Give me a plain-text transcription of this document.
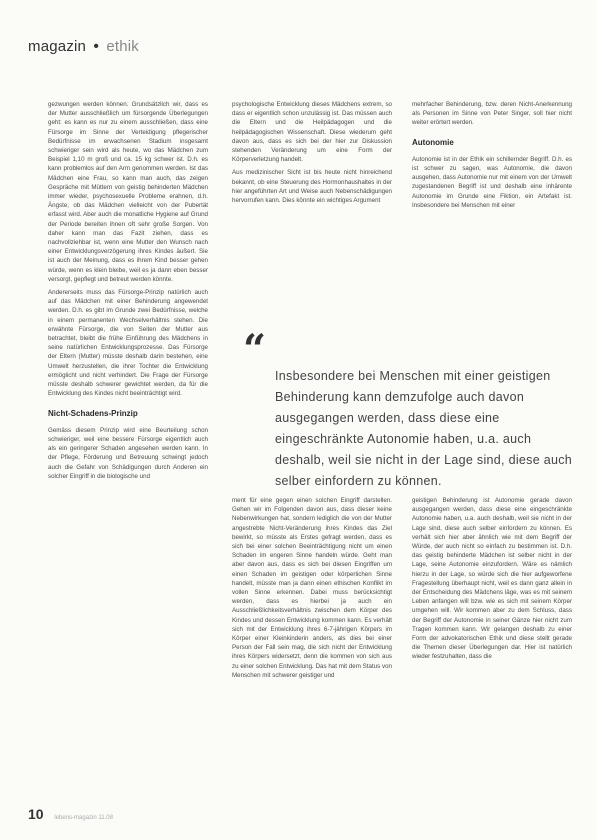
magazin • ethik

gezwungen werden können. Grundsätzlich wir, dass es der Mutter ausschließlich um fürsorgende Überlegungen geht: es kann es nur zu einem ausschließen, dass eine Fürsorge im Sinne der Verteidigung pflegerischer Bedürfnisse im erwachsenen Stadium insgesamt schwieriger sein wird als heute, wo das Mädchen zum Beispiel 1,10 m groß und ca. 15 kg schwer ist. D.h. es kann problemlos auf den Arm genommen werden. Ist das Mädchen eine Frau, so kann man auch, das zeigen Gespräche mit Müttern von geistig behinderten Mädchen immer wieder, psychosexuelle Probleme erahnen, d.h. Ängste, ob das Mädchen vielleicht von der Pubertät erfasst wird. Aber auch die monatliche Hygiene auf Grund der Periode bereiten ihnen oft sehr große Sorgen. Von daher kann man das Fazit ziehen, dass es nachvollziehbar ist, wenn eine Mutter den Wunsch nach einer Entwicklungsverzögerung ihres Kindes äußert. Sie ist auch der Meinung, dass es ihrem Kind besser gehen würde, wenn es klein bleibe, weil es ja dann eben besser versorgt, gepflegt und betreut werden könnte.

Andererseits muss das Fürsorge-Prinzip natürlich auch auf das Mädchen mit einer Behinderung angewendet werden. D.h. es gibt im Grunde zwei Bedürfnisse, welche in einem permanenten Wechselverhältnis stehen. Die erwähnte Fürsorge, die von Seiten der Mutter aus betrachtet, bleibt die frühe Einführung des Mädchens in seine natürlichen Entwicklungsprozesse. Das Fürsorge der Eltern (Mutter) müsste deshalb darin bestehen, eine Umwelt herzustellen, die ihrer Tochter die Entwicklung ermöglicht und nicht verhindert. Die Frage der Fürsorge müsste deshalb schwerer gewichtet werden, da für die Entwicklung des Kindes nicht beeinträchtigt wird.

Nicht-Schadens-Prinzip

Gemäss diesem Prinzip wird eine Beurteilung schon schwieriger, weil eine bessere Fürsorge eigentlich auch als ein geringerer Schaden angesehen werden kann. In der Pflege, Förderung und Betreuung schwingt jedoch auch die Gefahr von Schädigungen durch Anderen ein solcher Eingriff in die biologische und

psychologische Entwicklung dieses Mädchens extrem, so dass er eigentlich schon unzulässig ist. Das müssen auch die Eltern und die Heilpädagogen und die heilpädagogischen Wissenschaft. Diese wiederum geht davon aus, dass es sich bei der hier zur Diskussion stehenden Veränderung um eine Form der Körperverletzung handelt.

Aus medizinischer Sicht ist bis heute nicht hinreichend bekannt, ob eine Steuerung des Hormonhaushaltes in der hier angeführten Art und Weise auch Nebenschädigungen hervorrufen kann. Dies könnte ein wichtiges Argument

mehrfacher Behinderung, bzw. deren Nicht-Anerkennung als Personen im Sinne von Peter Singer, soll hier nicht weiter erörtert werden.

Autonomie

Autonomie ist in der Ethik ein schillernder Begriff. D.h. es ist schwer zu sagen, was Autonomie, die davon ausgehen, dass Autonomie nur mit einem von der Umwelt zugestandenen Begriff ist und deshalb eine inhärente Autonomie im Grunde eine Fiktion, ein Artefakt ist. Insbesondere bei Menschen mit einer

“
Insbesondere bei Menschen mit einer geistigen Behinderung kann demzufolge auch davon ausgegangen werden, dass diese eine eingeschränkte Autonomie haben, u.a. auch deshalb, weil sie nicht in der Lage sind, diese auch selber einfordern zu können.

ment für eine gegen einen solchen Eingriff darstellen. Gehen wir im Folgenden davon aus, dass dieser keine Nebenwirkungen hat, sondern lediglich die von der Mutter angestrebte Nicht-Veränderung ihres Kindes das Ziel bewirkt, so müsste als Erstes gefragt werden, dass es sich bei einer solchen Beeinträchtigung nicht um einen Schaden im engeren Sinne handeln würde. Geht man aber davon aus, dass es sich bei diesen Eingriffen um einen Schaden im geistigen oder körperlichen Sinne handelt, müsste man ja dann einen ethischen Konflikt im vollen Sinne erkennen. Dabei muss berücksichtigt werden, dass es hierbei ja auch ein Ausschließlichkeitsverhältnis zwischen dem Körper des Kindes und dessen Entwicklung kommen kann. Es verhält sich mit der Entwicklung ihres 6-7-jährigen Körpers im Körper einer Kleinkinderin anders, als dies bei einer Person der Fall sein mag, die sich nicht der Entwicklung ihres Körpers widersetzt, denn die kommen von sich aus zu einer solchen Entwicklung. Das hat mit dem Status von Menschen mit schwerer geistiger und

geistigen Behinderung ist Autonomie gerade davon ausgegangen werden, dass diese eine eingeschränkte Autonomie haben, u.a. auch deshalb, weil sie nicht in der Lage sind, diese auch selber einfordern zu können. Es verhält sich hier aber ähnlich wie mit dem Begriff der Würde, der auch nicht so einfach zu bestimmen ist. D.h. das geistig behinderte Mädchen ist selber nicht in der Lage, seine Autonomie einzufordern. Wäre es nämlich hierzu in der Lage, so würde sich die hier aufgeworfene Fragestellung überhaupt nicht, weil es dann ganz allein in der Entscheidung des Mädchens läge, was es mit seinem Leben anfangen will bzw. wie es sich mit seinem Körper umgehen will. Wir kommen aber zu dem Schluss, dass der Begriff der Autonomie in seiner Gänze hier nicht zum Tragen kommen kann. Wir gelangen deshalb zu einer Form der advokatorischen Ethik und diese stellt gerade die Themen dieser Überlegungen dar. Hier ist natürlich wieder festzuhalten, dass die

10 lebens-magazin 11.08
